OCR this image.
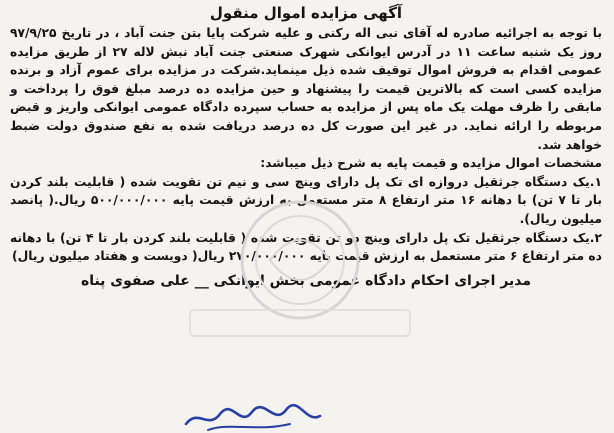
آگهی مزایده اموال منقول

با توجه به اجرائیه صادره له آقای نبی اله رکنی و علیه شرکت پایا بتن جنت آباد ، در تاریخ ۹۷/۹/۲۵ روز یک شنبه ساعت ۱۱ در آدرس ایوانکی شهرک صنعتی جنت آباد نبش لاله ۲۷ از طریق مزایده عمومی اقدام به فروش اموال توقیف شده ذیل مینماید.شرکت در مزایده برای عموم آزاد و برنده مزایده کسی است که بالاترین قیمت را پیشنهاد و حین مزایده ده درصد مبلغ فوق را پرداخت و مابقی را ظرف مهلت یک ماه پس از مزایده به حساب سپرده دادگاه عمومی ایوانکی واریز و قبض مربوطه را ارائه نماید. در غیر این صورت کل ده درصد دریافت شده به نفع صندوق دولت ضبط خواهد شد.

مشخصات اموال مزایده و قیمت پایه به شرح ذیل میباشد:

۱.یک دستگاه جرثقیل دروازه ای تک پل دارای وینچ سی و نیم تن تقویت شده ( قابلیت بلند کردن بار تا ۷ تن) با دهانه ۱۶ متر ارتفاع ۸ متر مستعمل به ارزش قیمت پایه ۵۰۰/۰۰۰/۰۰۰ ریال.( پانصد میلیون ریال).

۲.یک دستگاه جرثقیل تک پل دارای وینچ دو تن تقویت شده ( قابلیت بلند کردن بار تا ۴ تن) با دهانه ده متر ارتفاع ۶ متر مستعمل به ارزش قیمت پایه ۲۷۰/۰۰۰/۰۰۰ ریال( دویست و هفتاد میلیون ریال)

مدیر اجرای احکام دادگاه عمومی بخش ایوانکی __ علی صفوی پناه
